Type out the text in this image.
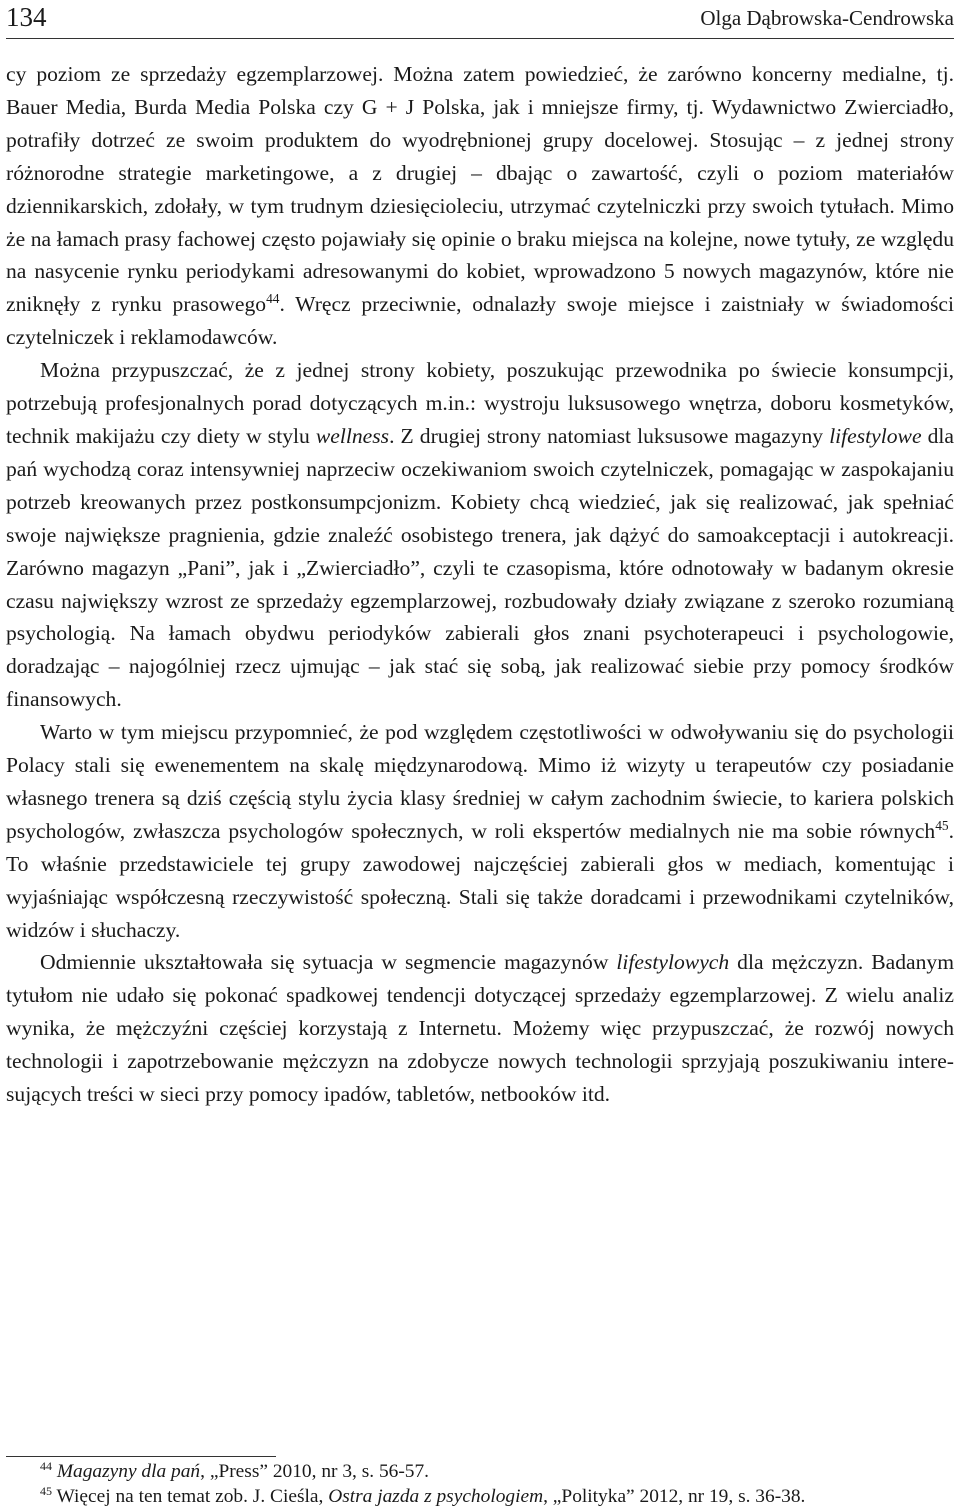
134	Olga Dąbrowska-Cendrowska

cy poziom ze sprzedaży egzemplarzowej. Można zatem powiedzieć, że zarówno koncerny medialne, tj. Bauer Media, Burda Media Polska czy G + J Polska, jak i mniejsze firmy, tj. Wydawnictwo Zwierciadło, potrafiły dotrzeć ze swoim produktem do wyodrębnionej grupy docelowej. Stosując – z jednej strony różnorodne strategie marketingowe, a z drugiej – dbając o zawartość, czyli o poziom materiałów dziennikarskich, zdołały, w tym trudnym dziesięcioleciu, utrzymać czytelniczki przy swoich tytułach. Mimo że na łamach prasy fachowej często pojawiały się opinie o braku miejsca na kolejne, nowe tytuły, ze względu na nasycenie rynku periodykami adresowanymi do kobiet, wprowadzono 5 nowych magazynów, które nie zniknęły z rynku prasowego$^{44}$. Wręcz przeciwnie, odnalazły swoje miejsce i zaistniały w świadomości czytelniczek i reklamodawców.

Można przypuszczać, że z jednej strony kobiety, poszukując przewodnika po świecie konsumpcji, potrzebują profesjonalnych porad dotyczących m.in.: wystroju luksusowego wnętrza, doboru kosmetyków, technik makijażu czy diety w stylu wellness. Z drugiej strony natomiast luksusowe magazyny lifestylowe dla pań wychodzą coraz intensywniej naprzeciw oczekiwaniom swoich czytelniczek, pomagając w zaspokajaniu potrzeb kreowanych przez postkonsumpcjonizm. Kobiety chcą wiedzieć, jak się realizować, jak spełniać swoje największe pragnienia, gdzie znaleźć osobistego trenera, jak dążyć do samoakceptacji i autokreacji. Zarówno magazyn „Pani”, jak i „Zwierciadło”, czyli te czasopisma, które odnotowały w badanym okresie czasu największy wzrost ze sprzedaży egzemplarzowej, rozbudowały działy związane z szeroko rozumianą psychologią. Na łamach obydwu periodyków zabierali głos znani psychoterapeuci i psychologowie, doradzając – najogólniej rzecz ujmując – jak stać się sobą, jak realizować siebie przy pomocy środków finansowych.

Warto w tym miejscu przypomnieć, że pod względem częstotliwości w odwoływaniu się do psychologii Polacy stali się ewenementem na skalę międzynarodową. Mimo iż wizyty u terapeutów czy posiadanie własnego trenera są dziś częścią stylu życia klasy średniej w całym zachodnim świecie, to kariera polskich psychologów, zwłaszcza psychologów społecznych, w roli ekspertów medialnych nie ma sobie równych$^{45}$. To właśnie przedstawiciele tej grupy zawodowej najczęściej zabierali głos w mediach, komentując i wyjaśniając współczesną rzeczywistość społeczną. Stali się także doradcami i przewodnikami czytelników, widzów i słuchaczy.

Odmiennie ukształtowała się sytuacja w segmencie magazynów lifestylowych dla mężczyzn. Badanym tytułom nie udało się pokonać spadkowej tendencji dotyczącej sprzedaży egzemplarzowej. Z wielu analiz wynika, że mężczyźni częściej korzystają z Internetu. Możemy więc przypuszczać, że rozwój nowych technologii i zapotrzebowanie mężczyzn na zdobycze nowych technologii sprzyjają poszukiwaniu interesujących treści w sieci przy pomocy ipadów, tabletów, netbooków itd.

$^{44}$ Magazyny dla pań, „Press” 2010, nr 3, s. 56-57.
$^{45}$ Więcej na ten temat zob. J. Cieśla, Ostra jazda z psychologiem, „Polityka” 2012, nr 19, s. 36-38.
